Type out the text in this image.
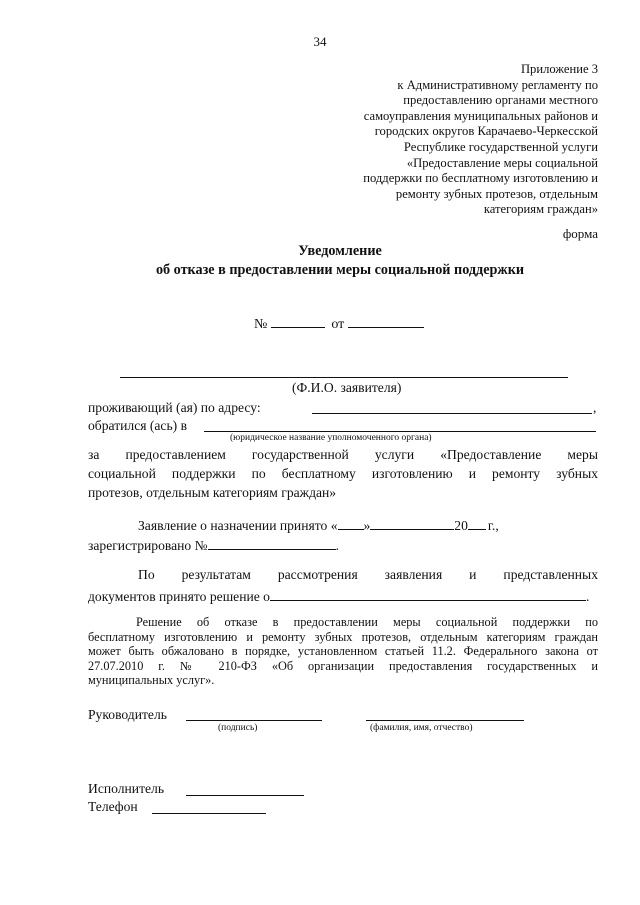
34
Приложение 3
к Административному регламенту по
предоставлению органами местного
самоуправления муниципальных районов и
городских округов Карачаево-Черкесской
Республике государственной услуги
«Предоставление меры социальной
поддержки по бесплатному изготовлению и
ремонту зубных протезов, отдельным
категориям граждан»
форма
Уведомление
об отказе в предоставлении меры социальной поддержки
№	от
(Ф.И.О. заявителя)
проживающий (ая) по адресу:	,
обратился (ась) в
(юридическое название уполномоченного органа)
за предоставлением государственной услуги «Предоставление меры
социальной поддержки по бесплатному изготовлению и ремонту зубных
протезов, отдельным категориям граждан»
Заявление о назначении принято « »	20 г.,
зарегистрировано №	.
По результатам рассмотрения заявления и представленных
документов принято решение о	.
Решение об отказе в предоставлении меры социальной поддержки по
бесплатному изготовлению и ремонту зубных протезов, отдельным категориям граждан
может быть обжаловано в порядке, установленном статьей 11.2. Федерального закона от
27.07.2010 г. № 210-ФЗ «Об организации предоставления государственных и
муниципальных услуг».
Руководитель
(подпись)	(фамилия, имя, отчество)
Исполнитель
Телефон
